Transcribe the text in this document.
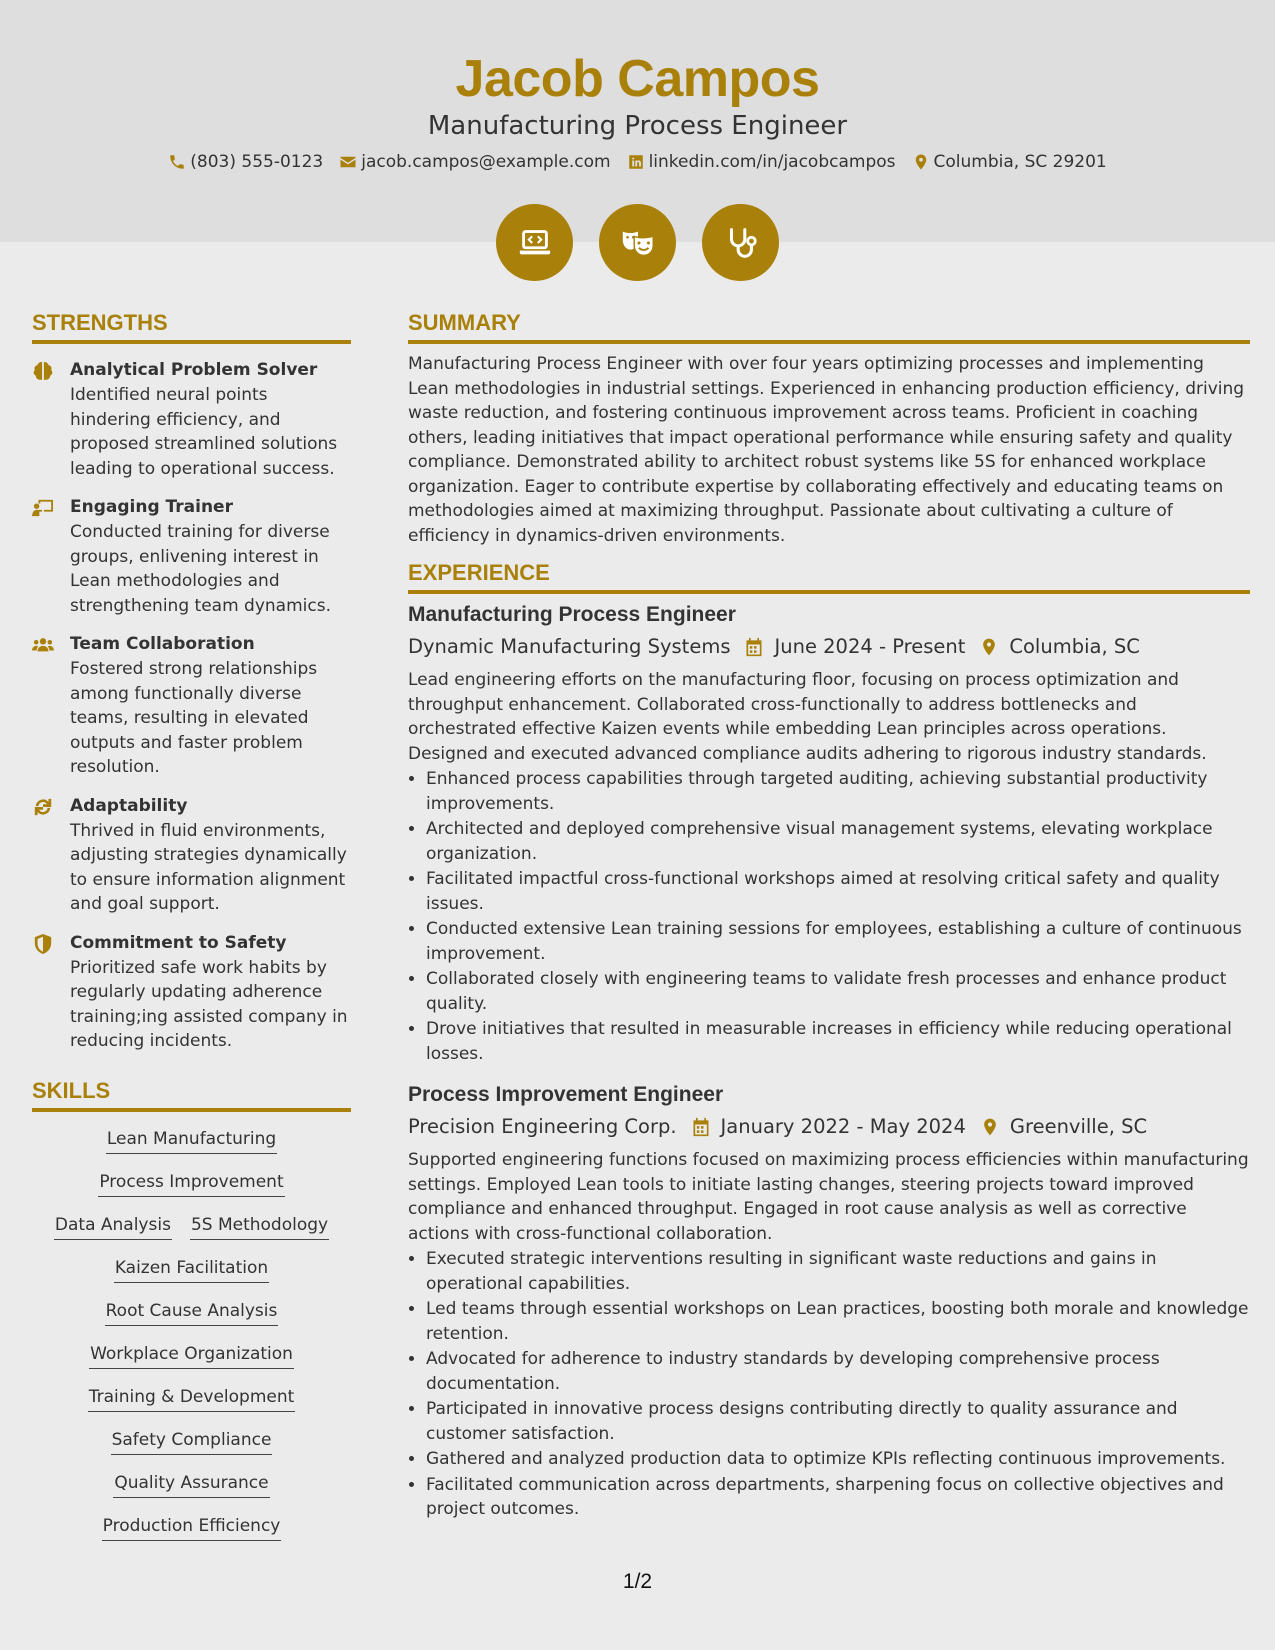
Jacob Campos
Manufacturing Process Engineer
(803) 555-0123 jacob.campos@example.com linkedin.com/in/jacobcampos Columbia, SC 29201
STRENGTHS
Analytical Problem Solver
Identified neural points hindering efficiency, and proposed streamlined solutions leading to operational success.
Engaging Trainer
Conducted training for diverse groups, enlivening interest in Lean methodologies and strengthening team dynamics.
Team Collaboration
Fostered strong relationships among functionally diverse teams, resulting in elevated outputs and faster problem resolution.
Adaptability
Thrived in fluid environments, adjusting strategies dynamically to ensure information alignment and goal support.
Commitment to Safety
Prioritized safe work habits by regularly updating adherence training;ing assisted company in reducing incidents.
SKILLS
Lean Manufacturing
Process Improvement
Data Analysis 5S Methodology
Kaizen Facilitation
Root Cause Analysis
Workplace Organization
Training & Development
Safety Compliance
Quality Assurance
Production Efficiency
SUMMARY
Manufacturing Process Engineer with over four years optimizing processes and implementing Lean methodologies in industrial settings. Experienced in enhancing production efficiency, driving waste reduction, and fostering continuous improvement across teams. Proficient in coaching others, leading initiatives that impact operational performance while ensuring safety and quality compliance. Demonstrated ability to architect robust systems like 5S for enhanced workplace organization. Eager to contribute expertise by collaborating effectively and educating teams on methodologies aimed at maximizing throughput. Passionate about cultivating a culture of efficiency in dynamics-driven environments.
EXPERIENCE
Manufacturing Process Engineer
Dynamic Manufacturing Systems June 2024 - Present Columbia, SC
Lead engineering efforts on the manufacturing floor, focusing on process optimization and throughput enhancement. Collaborated cross-functionally to address bottlenecks and orchestrated effective Kaizen events while embedding Lean principles across operations. Designed and executed advanced compliance audits adhering to rigorous industry standards.
• Enhanced process capabilities through targeted auditing, achieving substantial productivity improvements.
• Architected and deployed comprehensive visual management systems, elevating workplace organization.
• Facilitated impactful cross-functional workshops aimed at resolving critical safety and quality issues.
• Conducted extensive Lean training sessions for employees, establishing a culture of continuous improvement.
• Collaborated closely with engineering teams to validate fresh processes and enhance product quality.
• Drove initiatives that resulted in measurable increases in efficiency while reducing operational losses.
Process Improvement Engineer
Precision Engineering Corp. January 2022 - May 2024 Greenville, SC
Supported engineering functions focused on maximizing process efficiencies within manufacturing settings. Employed Lean tools to initiate lasting changes, steering projects toward improved compliance and enhanced throughput. Engaged in root cause analysis as well as corrective actions with cross-functional collaboration.
• Executed strategic interventions resulting in significant waste reductions and gains in operational capabilities.
• Led teams through essential workshops on Lean practices, boosting both morale and knowledge retention.
• Advocated for adherence to industry standards by developing comprehensive process documentation.
• Participated in innovative process designs contributing directly to quality assurance and customer satisfaction.
• Gathered and analyzed production data to optimize KPIs reflecting continuous improvements.
• Facilitated communication across departments, sharpening focus on collective objectives and project outcomes.
1/2
